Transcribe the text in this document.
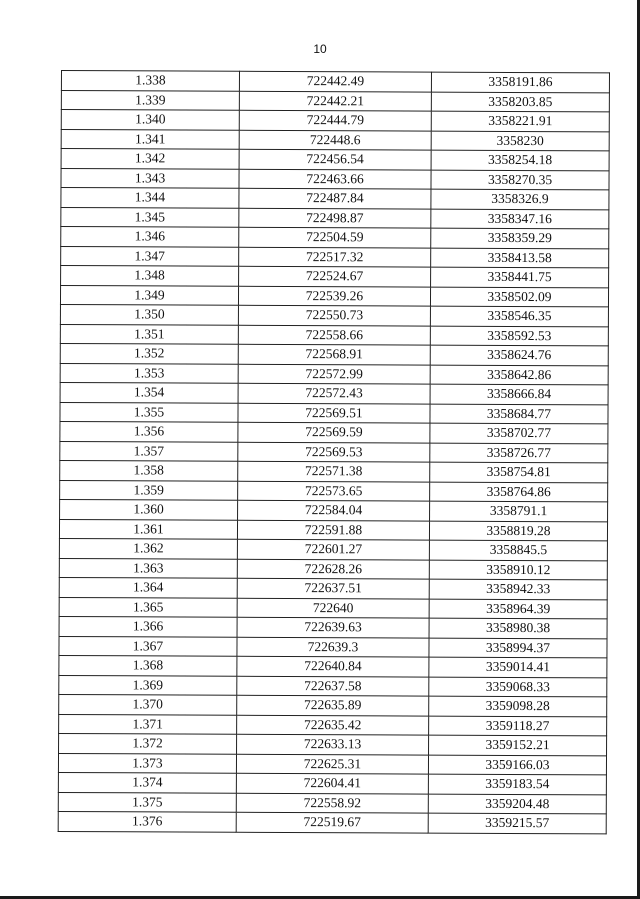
10
1.338	722442.49	3358191.86
1.339	722442.21	3358203.85
1.340	722444.79	3358221.91
1.341	722448.6	3358230
1.342	722456.54	3358254.18
1.343	722463.66	3358270.35
1.344	722487.84	3358326.9
1.345	722498.87	3358347.16
1.346	722504.59	3358359.29
1.347	722517.32	3358413.58
1.348	722524.67	3358441.75
1.349	722539.26	3358502.09
1.350	722550.73	3358546.35
1.351	722558.66	3358592.53
1.352	722568.91	3358624.76
1.353	722572.99	3358642.86
1.354	722572.43	3358666.84
1.355	722569.51	3358684.77
1.356	722569.59	3358702.77
1.357	722569.53	3358726.77
1.358	722571.38	3358754.81
1.359	722573.65	3358764.86
1.360	722584.04	3358791.1
1.361	722591.88	3358819.28
1.362	722601.27	3358845.5
1.363	722628.26	3358910.12
1.364	722637.51	3358942.33
1.365	722640	3358964.39
1.366	722639.63	3358980.38
1.367	722639.3	3358994.37
1.368	722640.84	3359014.41
1.369	722637.58	3359068.33
1.370	722635.89	3359098.28
1.371	722635.42	3359118.27
1.372	722633.13	3359152.21
1.373	722625.31	3359166.03
1.374	722604.41	3359183.54
1.375	722558.92	3359204.48
1.376	722519.67	3359215.57
